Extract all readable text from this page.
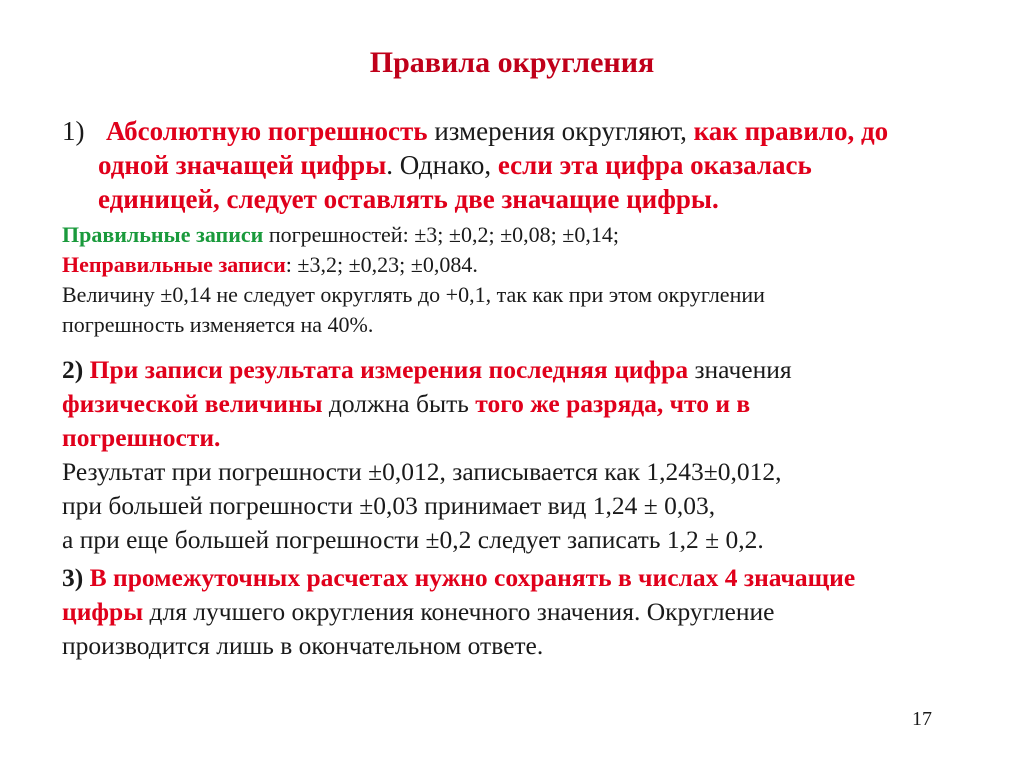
Правила округления
1) Абсолютную погрешность измерения округляют, как правило, до
одной значащей цифры. Однако, если эта цифра оказалась
единицей, следует оставлять две значащие цифры.
Правильные записи погрешностей: ±3; ±0,2; ±0,08; ±0,14;
Неправильные записи: ±3,2; ±0,23; ±0,084.
Величину ±0,14 не следует округлять до +0,1, так как при этом округлении
погрешность изменяется на 40%.
2) При записи результата измерения последняя цифра значения
физической величины должна быть того же разряда, что и в
погрешности.
Результат при погрешности ±0,012, записывается как 1,243±0,012,
при большей погрешности ±0,03 принимает вид 1,24 ± 0,03,
а при еще большей погрешности ±0,2 следует записать 1,2 ± 0,2.
3) В промежуточных расчетах нужно сохранять в числах 4 значащие
цифры для лучшего округления конечного значения. Округление
производится лишь в окончательном ответе.
17
